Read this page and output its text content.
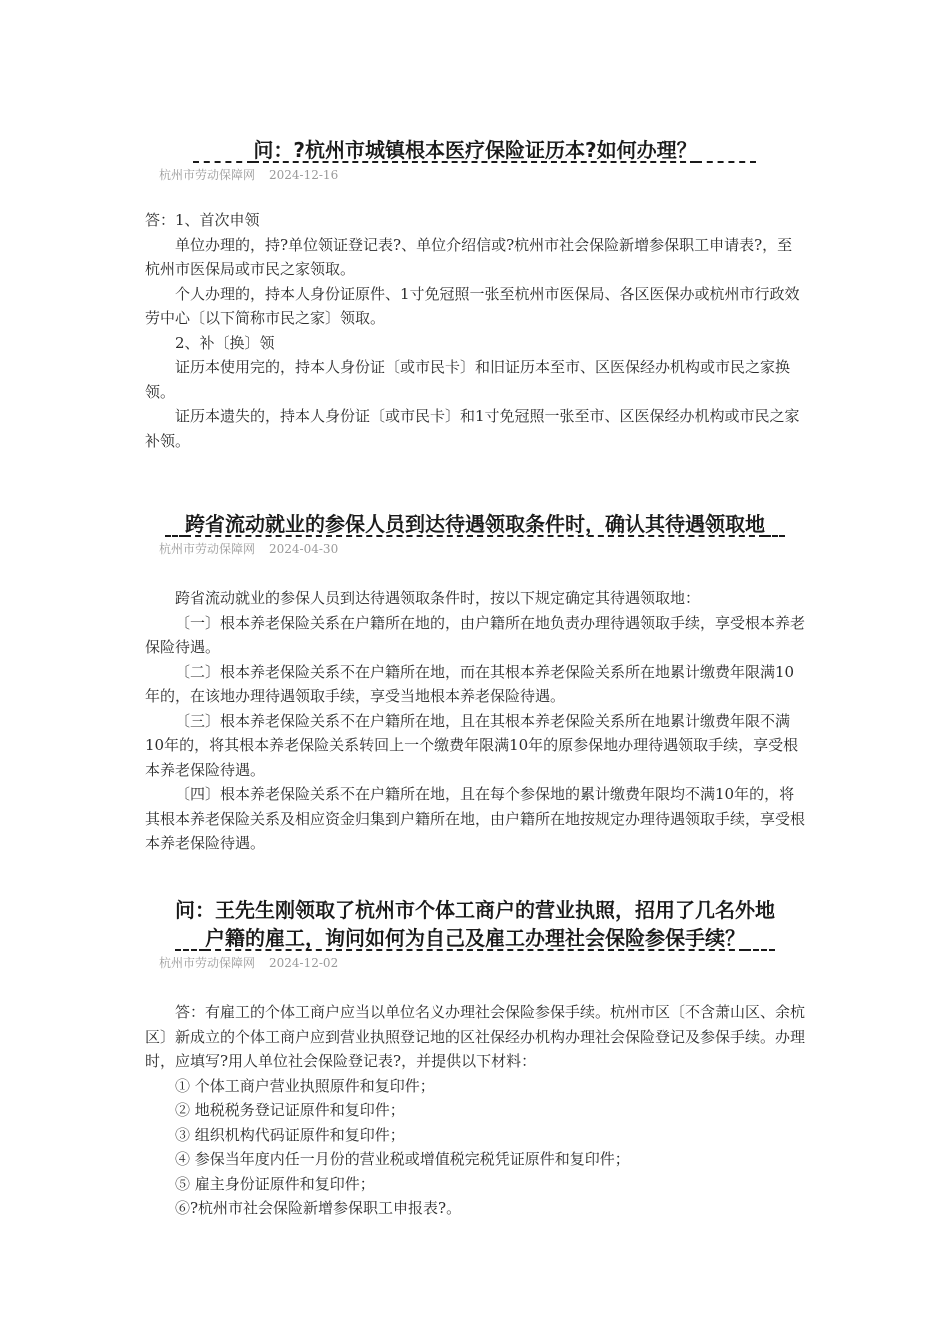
问：?杭州市城镇根本医疗保险证历本?如何办理？
杭州市劳动保障网 2024-12-16

答：1、首次申领

单位办理的，持?单位领证登记表?、单位介绍信或?杭州市社会保险新增参保职工申请表?，至杭州市医保局或市民之家领取。

个人办理的，持本人身份证原件、1寸免冠照一张至杭州市医保局、各区医保办或杭州市行政效劳中心〔以下简称市民之家〕领取。

2、补〔换〕领

证历本使用完的，持本人身份证〔或市民卡〕和旧证历本至市、区医保经办机构或市民之家换领。

证历本遗失的，持本人身份证〔或市民卡〕和1寸免冠照一张至市、区医保经办机构或市民之家补领。

跨省流动就业的参保人员到达待遇领取条件时，确认其待遇领取地
杭州市劳动保障网 2024-04-30

跨省流动就业的参保人员到达待遇领取条件时，按以下规定确定其待遇领取地：

〔一〕根本养老保险关系在户籍所在地的，由户籍所在地负责办理待遇领取手续，享受根本养老保险待遇。

〔二〕根本养老保险关系不在户籍所在地，而在其根本养老保险关系所在地累计缴费年限满10年的，在该地办理待遇领取手续，享受当地根本养老保险待遇。

〔三〕根本养老保险关系不在户籍所在地，且在其根本养老保险关系所在地累计缴费年限不满10年的，将其根本养老保险关系转回上一个缴费年限满10年的原参保地办理待遇领取手续，享受根本养老保险待遇。

〔四〕根本养老保险关系不在户籍所在地，且在每个参保地的累计缴费年限均不满10年的，将其根本养老保险关系及相应资金归集到户籍所在地，由户籍所在地按规定办理待遇领取手续，享受根本养老保险待遇。

问：王先生刚领取了杭州市个体工商户的营业执照，招用了几名外地
户籍的雇工，询问如何为自己及雇工办理社会保险参保手续？
杭州市劳动保障网 2024-12-02

答：有雇工的个体工商户应当以单位名义办理社会保险参保手续。杭州市区〔不含萧山区、余杭区〕新成立的个体工商户应到营业执照登记地的区社保经办机构办理社会保险登记及参保手续。办理时，应填写?用人单位社会保险登记表?，并提供以下材料：

① 个体工商户营业执照原件和复印件；

② 地税税务登记证原件和复印件；

③ 组织机构代码证原件和复印件；

④ 参保当年度内任一月份的营业税或增值税完税凭证原件和复印件；

⑤ 雇主身份证原件和复印件；

⑥?杭州市社会保险新增参保职工申报表?。
